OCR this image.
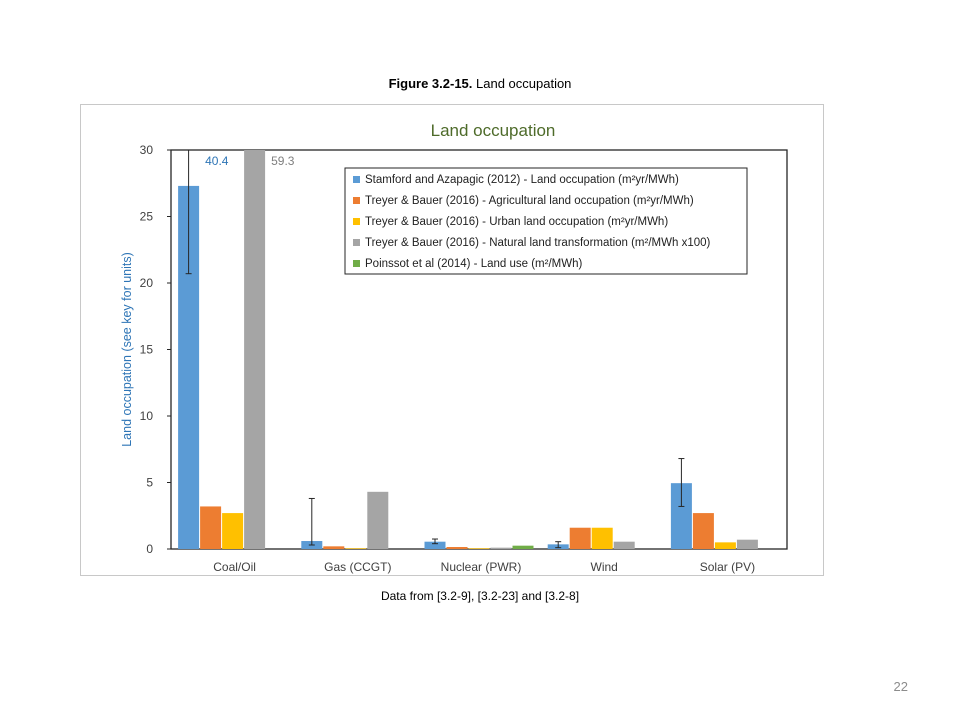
Figure 3.2-15. Land occupation
Land occupation
0
5
10
15
20
25
30
Land occupation (see key for units)
Coal/Oil	Gas (CCGT)	Nuclear (PWR)	Wind	Solar (PV)
40.4	59.3
Stamford and Azapagic (2012) - Land occupation (m²yr/MWh)
Treyer & Bauer (2016) - Agricultural land occupation (m²yr/MWh)
Treyer & Bauer (2016) - Urban land occupation (m²yr/MWh)
Treyer & Bauer (2016) - Natural land transformation (m²/MWh x100)
Poinssot et al (2014) - Land use (m²/MWh)
Data from [3.2-9], [3.2-23] and [3.2-8]
22
